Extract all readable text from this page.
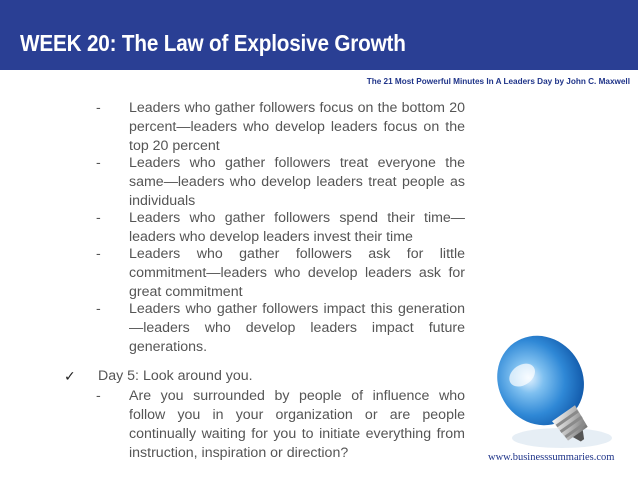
WEEK 20: The Law of Explosive Growth
The 21 Most Powerful Minutes In A Leaders Day by John C. Maxwell
-	Leaders who gather followers focus on the bottom 20 percent—leaders who develop leaders focus on the top 20 percent
-	Leaders who gather followers treat everyone the same—leaders who develop leaders treat people as individuals
-	Leaders who gather followers spend their time—leaders who develop leaders invest their time
-	Leaders who gather followers ask for little commitment—leaders who develop leaders ask for great commitment
-	Leaders who gather followers impact this generation—leaders who develop leaders impact future generations.
✓	Day 5: Look around you.
-	Are you surrounded by people of influence who follow you in your organization or are people continually waiting for you to initiate everything from instruction, inspiration or direction?	www.businesssummaries.com
